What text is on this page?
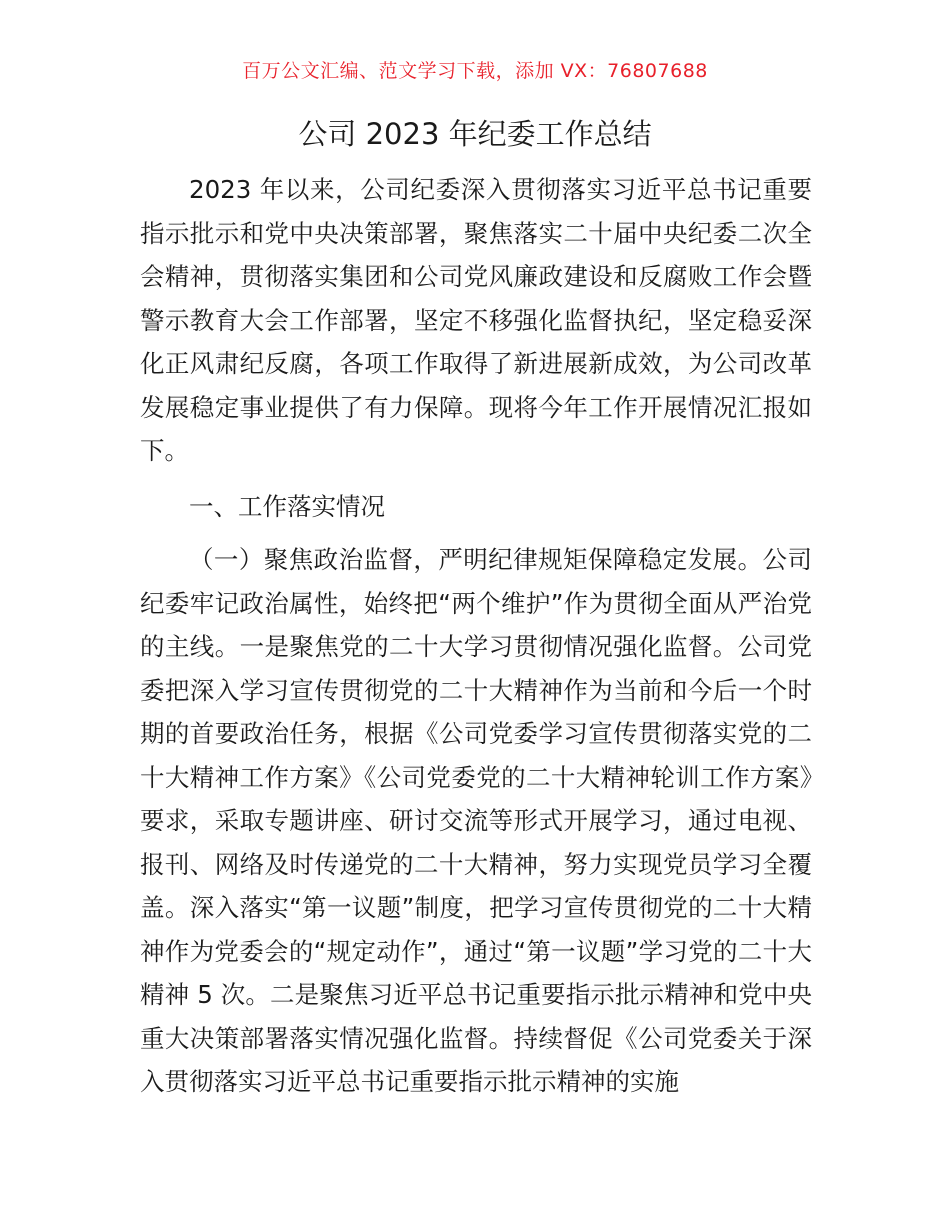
百万公文汇编、范文学习下载，添加 VX：76807688
公司 2023 年纪委工作总结

2023 年以来，公司纪委深入贯彻落实习近平总书记重要指示批示和党中央决策部署，聚焦落实二十届中央纪委二次全会精神，贯彻落实集团和公司党风廉政建设和反腐败工作会暨警示教育大会工作部署，坚定不移强化监督执纪，坚定稳妥深化正风肃纪反腐，各项工作取得了新进展新成效，为公司改革发展稳定事业提供了有力保障。现将今年工作开展情况汇报如下。

一、工作落实情况

（一）聚焦政治监督，严明纪律规矩保障稳定发展。公司纪委牢记政治属性，始终把“两个维护”作为贯彻全面从严治党的主线。一是聚焦党的二十大学习贯彻情况强化监督。公司党委把深入学习宣传贯彻党的二十大精神作为当前和今后一个时期的首要政治任务，根据《公司党委学习宣传贯彻落实党的二十大精神工作方案》《公司党委党的二十大精神轮训工作方案》要求，采取专题讲座、研讨交流等形式开展学习，通过电视、报刊、网络及时传递党的二十大精神，努力实现党员学习全覆盖。深入落实“第一议题”制度，把学习宣传贯彻党的二十大精神作为党委会的“规定动作”，通过“第一议题”学习党的二十大精神 5 次。二是聚焦习近平总书记重要指示批示精神和党中央重大决策部署落实情况强化监督。持续督促《公司党委关于深入贯彻落实习近平总书记重要指示批示精神的实施
